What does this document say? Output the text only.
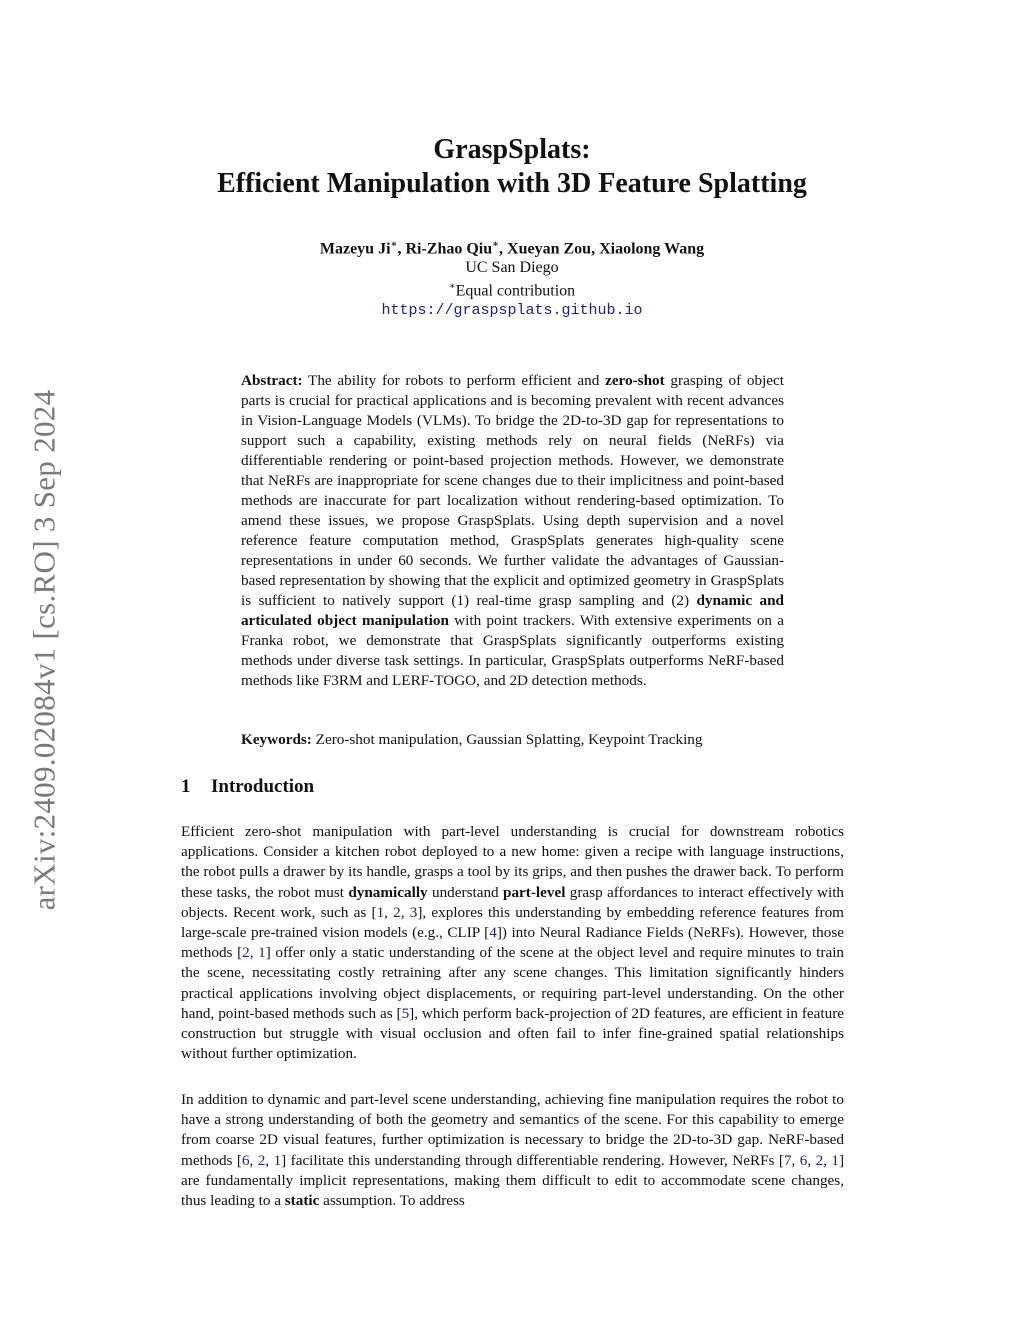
arXiv:2409.02084v1 [cs.RO] 3 Sep 2024

GraspSplats:

Efficient Manipulation with 3D Feature Splatting

Mazeyu Ji∗, Ri-Zhao Qiu∗, Xueyan Zou, Xiaolong Wang
UC San Diego
∗Equal contribution
https://graspsplats.github.io

Abstract: The ability for robots to perform efficient and zero-shot grasping of object parts is crucial for practical applications and is becoming prevalent with recent advances in Vision-Language Models (VLMs). To bridge the 2D-to-3D gap for representations to support such a capability, existing methods rely on neural fields (NeRFs) via differentiable rendering or point-based projection methods. However, we demonstrate that NeRFs are inappropriate for scene changes due to their implicitness and point-based methods are inaccurate for part localization without rendering-based optimization. To amend these issues, we propose GraspSplats. Using depth supervision and a novel reference feature computation method, GraspSplats generates high-quality scene representations in under 60 seconds. We further validate the advantages of Gaussian-based representation by showing that the explicit and optimized geometry in GraspSplats is sufficient to natively support (1) real-time grasp sampling and (2) dynamic and articulated object manipulation with point trackers. With extensive experiments on a Franka robot, we demonstrate that GraspSplats significantly outperforms existing methods under diverse task settings. In particular, GraspSplats outperforms NeRF-based methods like F3RM and LERF-TOGO, and 2D detection methods.

Keywords: Zero-shot manipulation, Gaussian Splatting, Keypoint Tracking

1 Introduction

Efficient zero-shot manipulation with part-level understanding is crucial for downstream robotics applications. Consider a kitchen robot deployed to a new home: given a recipe with language instructions, the robot pulls a drawer by its handle, grasps a tool by its grips, and then pushes the drawer back. To perform these tasks, the robot must dynamically understand part-level grasp affordances to interact effectively with objects. Recent work, such as [1, 2, 3], explores this understanding by embedding reference features from large-scale pre-trained vision models (e.g., CLIP [4]) into Neural Radiance Fields (NeRFs). However, those methods [2, 1] offer only a static understanding of the scene at the object level and require minutes to train the scene, necessitating costly retraining after any scene changes. This limitation significantly hinders practical applications involving object displacements, or requiring part-level understanding. On the other hand, point-based methods such as [5], which perform back-projection of 2D features, are efficient in feature construction but struggle with visual occlusion and often fail to infer fine-grained spatial relationships without further optimization.

In addition to dynamic and part-level scene understanding, achieving fine manipulation requires the robot to have a strong understanding of both the geometry and semantics of the scene. For this capability to emerge from coarse 2D visual features, further optimization is necessary to bridge the 2D-to-3D gap. NeRF-based methods [6, 2, 1] facilitate this understanding through differentiable rendering. However, NeRFs [7, 6, 2, 1] are fundamentally implicit representations, making them difficult to edit to accommodate scene changes, thus leading to a static assumption. To address
